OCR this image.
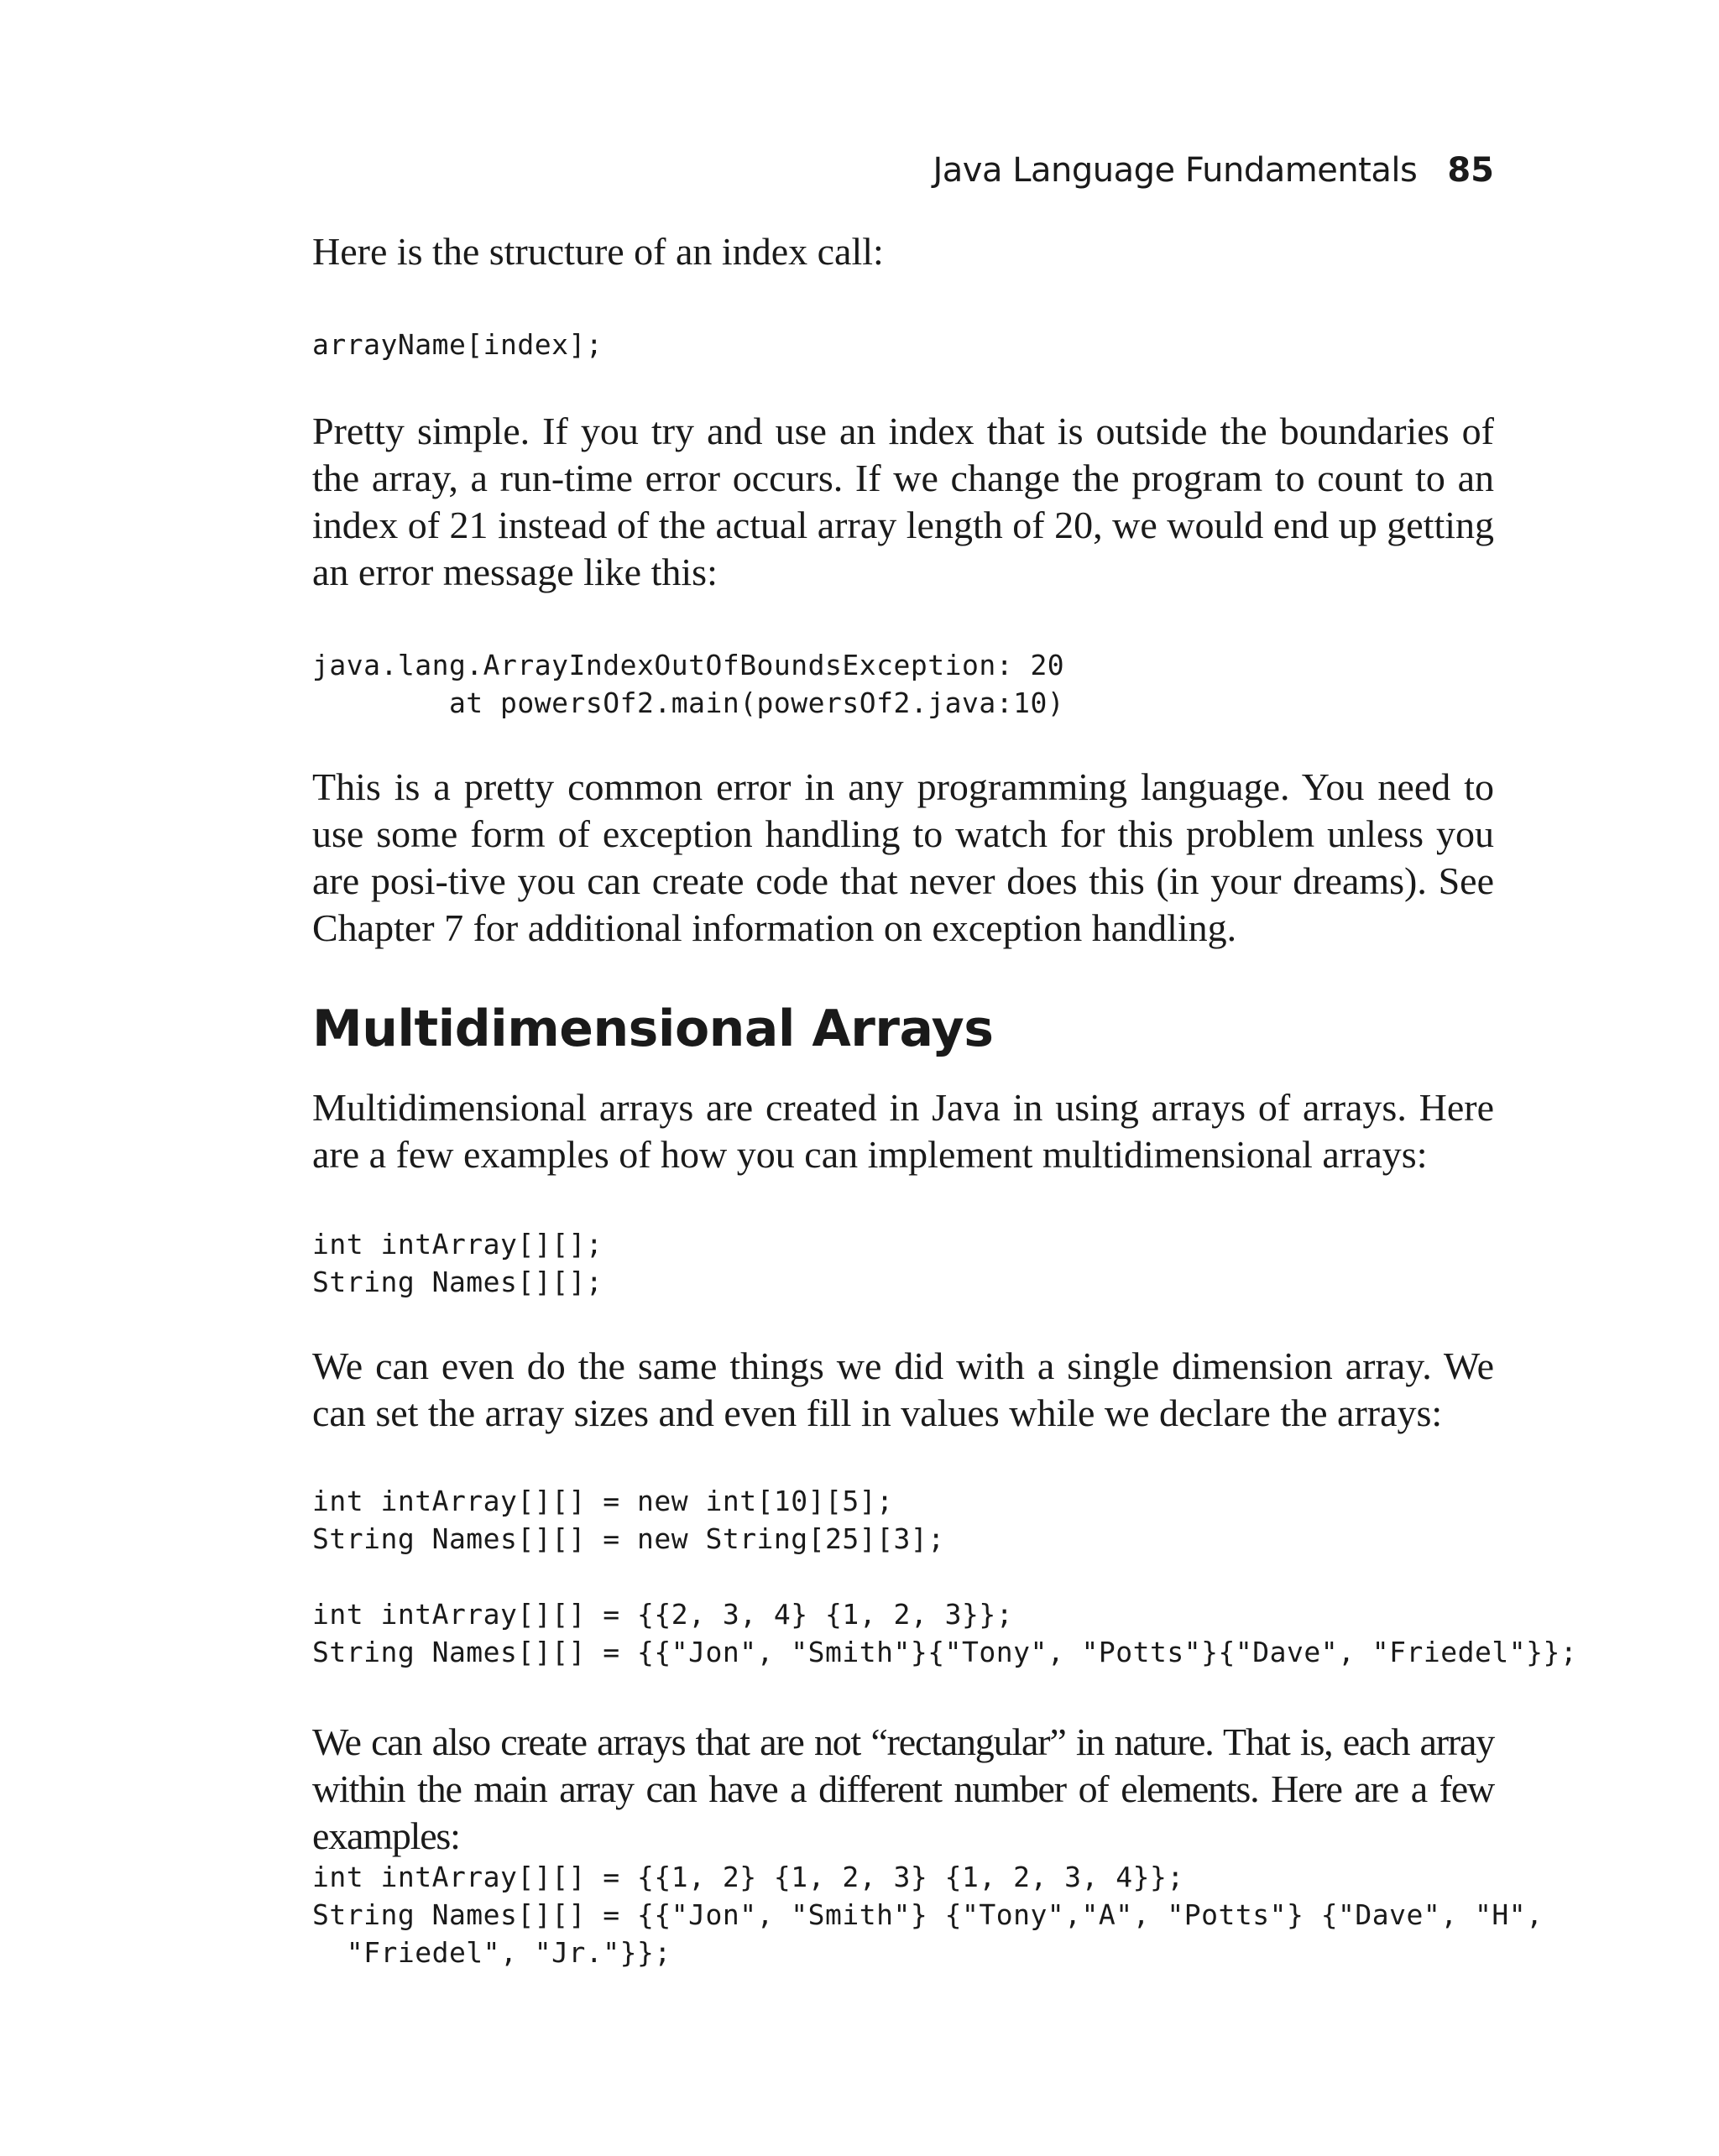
Java Language Fundamentals 85

Here is the structure of an index call:

arrayName[index];

Pretty simple. If you try and use an index that is outside the boundaries of the array, a run-time error occurs. If we change the program to count to an index of 21 instead of the actual array length of 20, we would end up getting an error message like this:

java.lang.ArrayIndexOutOfBoundsException: 20
at powersOf2.main(powersOf2.java:10)

This is a pretty common error in any programming language. You need to use some form of exception handling to watch for this problem unless you are posi-tive you can create code that never does this (in your dreams). See Chapter 7 for additional information on exception handling.

Multidimensional Arrays

Multidimensional arrays are created in Java in using arrays of arrays. Here are a few examples of how you can implement multidimensional arrays:

int intArray[][];
String Names[][];

We can even do the same things we did with a single dimension array. We can set the array sizes and even fill in values while we declare the arrays:

int intArray[][] = new int[10][5];
String Names[][] = new String[25][3];

int intArray[][] = {{2, 3, 4} {1, 2, 3}};
String Names[][] = {{"Jon", "Smith"}{"Tony", "Potts"}{"Dave", "Friedel"}};

We can also create arrays that are not “rectangular” in nature. That is, each array within the main array can have a different number of elements. Here are a few examples:

int intArray[][] = {{1, 2} {1, 2, 3} {1, 2, 3, 4}};
String Names[][] = {{"Jon", "Smith"} {"Tony","A", "Potts"} {"Dave", "H",
"Friedel", "Jr."}};
